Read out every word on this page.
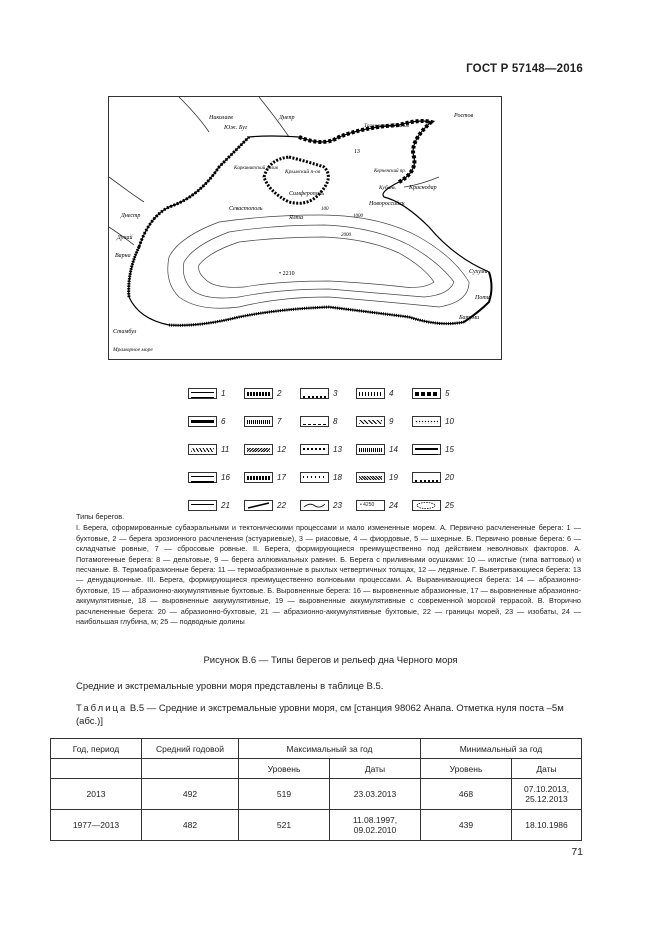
ГОСТ Р 57148—2016
Николаев	Днепр
Юж. Буг	Таганрогский залив
Ростов
13
Каркинитский залив
Крымский п-ов	Керченский пр.
Кубань Краснодар
Симферополь
Севастополь
Новороссийск
Ялта
Днестр
Дунай
Варна
• 2210
100
1000
2000
Сухуми
Поти
Батуми
Стамбул
Мраморное море
1	2	3	4	5
6	7	8	9	10
11	12	13	14	15
16	17	18	19	20
21	22	23	• 4250 24	25

Типы берегов.

I. Берега, сформированные субаэральными и тектоническими процессами и мало измененные морем. А. Первично расчлененные берега: 1 — бухтовые, 2 — берега эрозионного расчленения (эстуариевые), 3 — риасовые, 4 — фиордовые, 5 — шхерные. Б. Первично ровные берега: 6 — складчатые ровные, 7 — сбросовые ровные. II. Берега, формирующиеся преимущественно под действием неволновых факторов. А. Потамогенные берега: 8 — дельтовые, 9 — берега аллювиальных равнин. Б. Берега с приливными осушками: 10 — илистые (типа ваттовых) и песчаные. В. Термоабразионные берега: 11 — термоабразионные в рыхлых четвертичных толщах, 12 — ледяные. Г. Выветривающиеся берега: 13 — денудационные. III. Берега, формирующиеся преимущественно волновыми процессами. А. Выравнивающиеся берега: 14 — абразионно-бухтовые, 15 — абразионно-аккумулятивные бухтовые. Б. Выровненные берега: 16 — выровненные абразионные, 17 — выровненные абразионно-аккумулятивные, 18 — выровненные аккумулятивные, 19 — выровненные аккумулятивные с современной морской террасой. В. Вторично расчлененные берега: 20 — абразионно-бухтовые, 21 — абразионно-аккумулятивные бухтовые, 22 — границы морей, 23 — изобаты, 24 — наибольшая глубина, м; 25 — подводные долины

Рисунок В.6 — Типы берегов и рельеф дна Черного моря
Средние и экстремальные уровни моря представлены в таблице В.5.
Таблица В.5 — Средние и экстремальные уровни моря, см [станция 98062 Анапа. Отметка нуля поста –5м (абс.)]
Год, период	Средний годовой	Максимальный за год		Минимальный за год	
		Уровень	Даты	Уровень	Даты
2013	492	519	23.03.2013	468	07.10.2013, 25.12.2013
1977—2013	482	521	11.08.1997, 09.02.2010	439	18.10.1986
71
